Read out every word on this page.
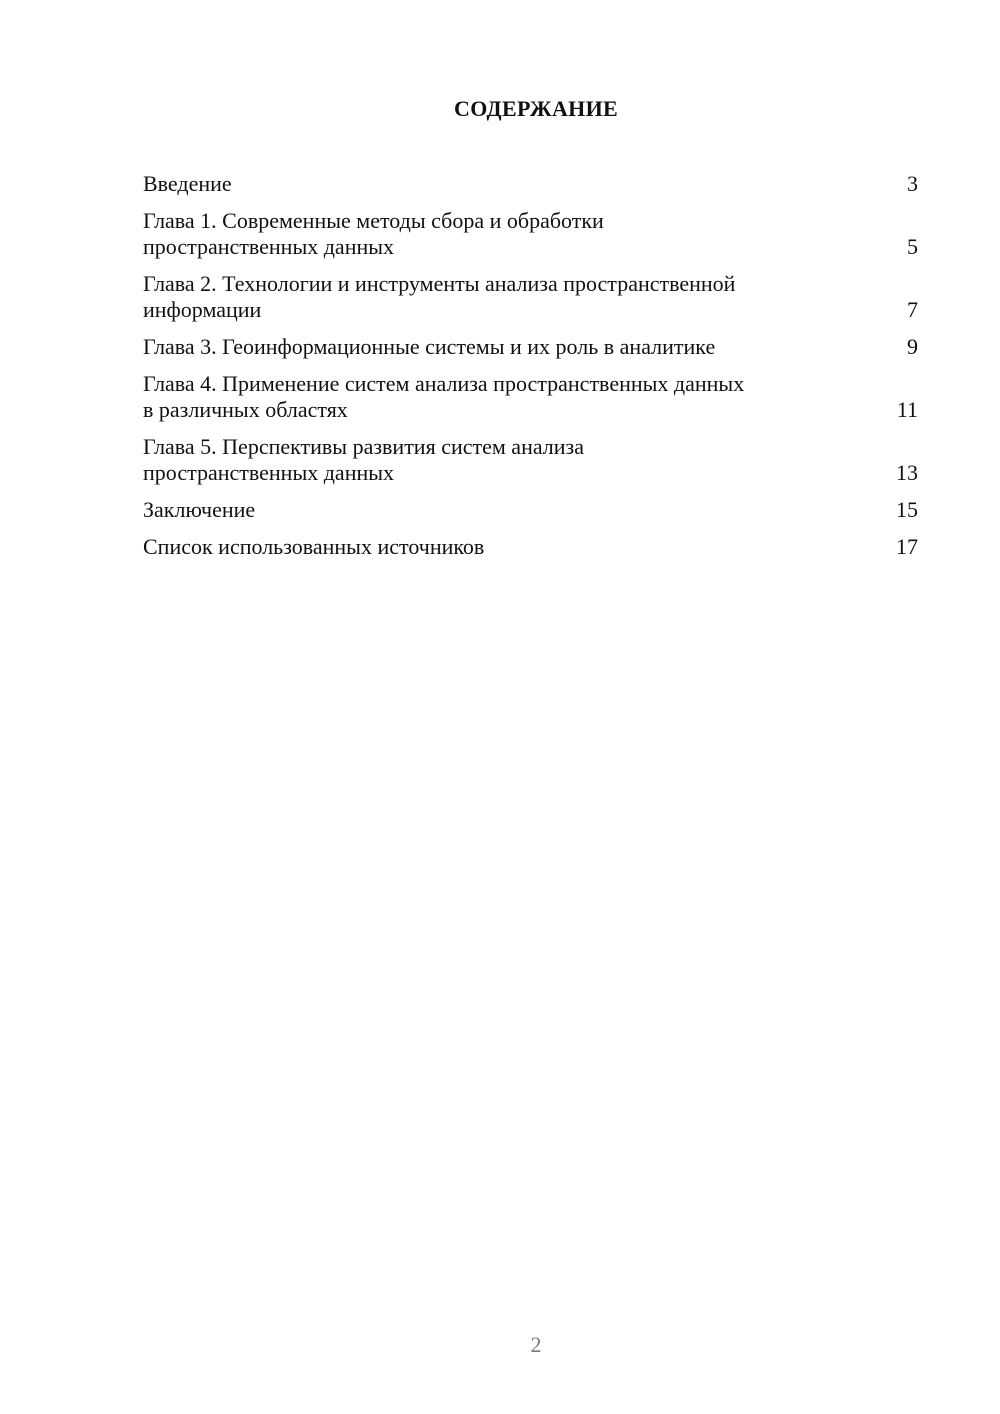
СОДЕРЖАНИЕ
Введение	3
Глава 1. Современные методы сбора и обработки
пространственных данных	5
Глава 2. Технологии и инструменты анализа пространственной
информации	7
Глава 3. Геоинформационные системы и их роль в аналитике	9
Глава 4. Применение систем анализа пространственных данных
в различных областях	11
Глава 5. Перспективы развития систем анализа
пространственных данных	13
Заключение	15
Список использованных источников	17
2
